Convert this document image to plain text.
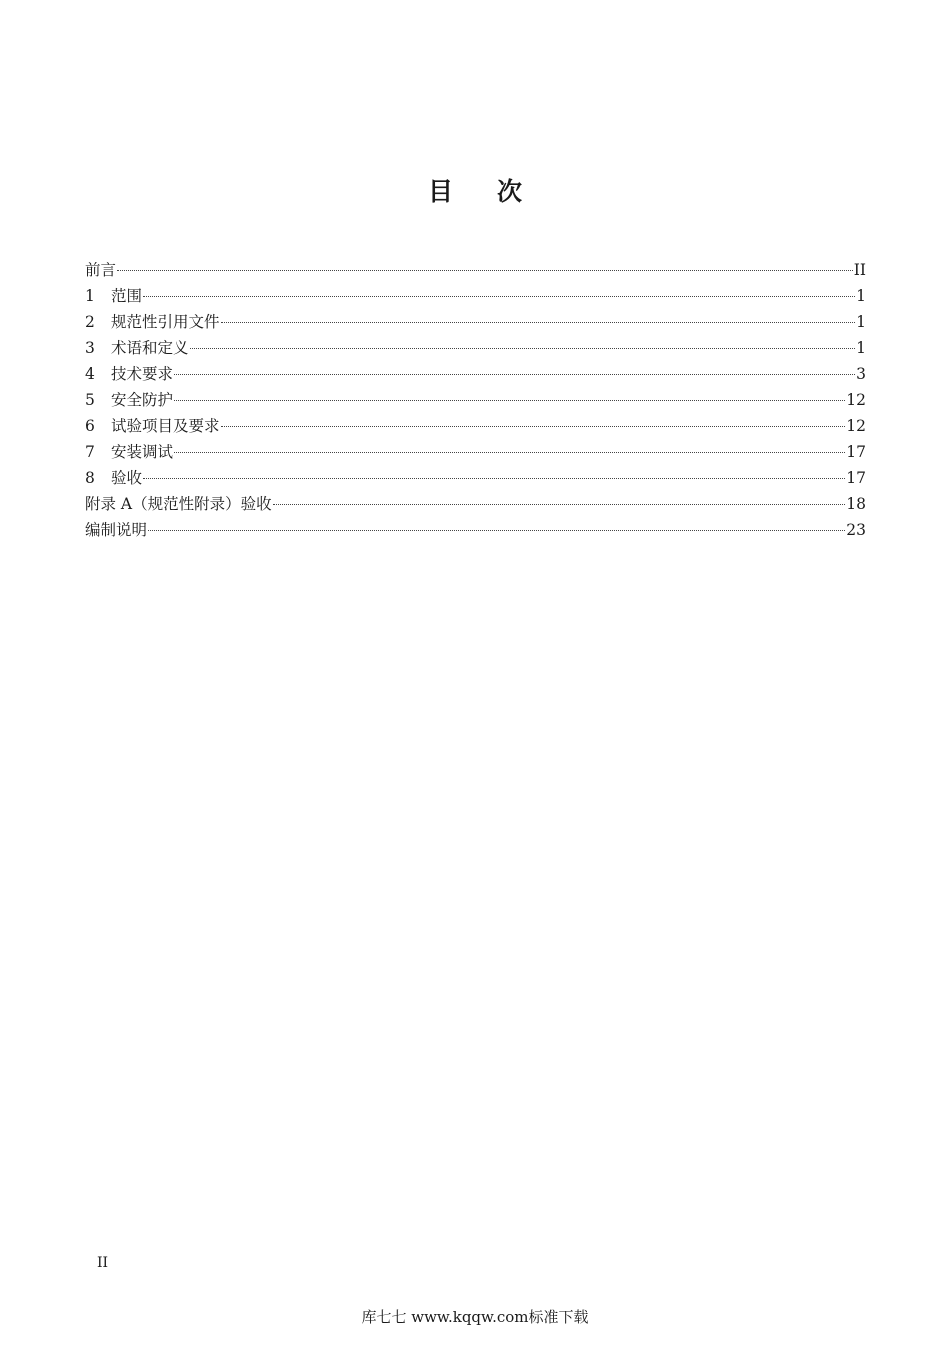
目次
前言	II
1	范围	1
2	规范性引用文件	1
3	术语和定义	1
4	技术要求	3
5	安全防护	12
6	试验项目及要求	12
7	安装调试	17
8	验收	17
附录 A（规范性附录）验收	18
编制说明	23
II
库七七 www.kqqw.com标准下载
